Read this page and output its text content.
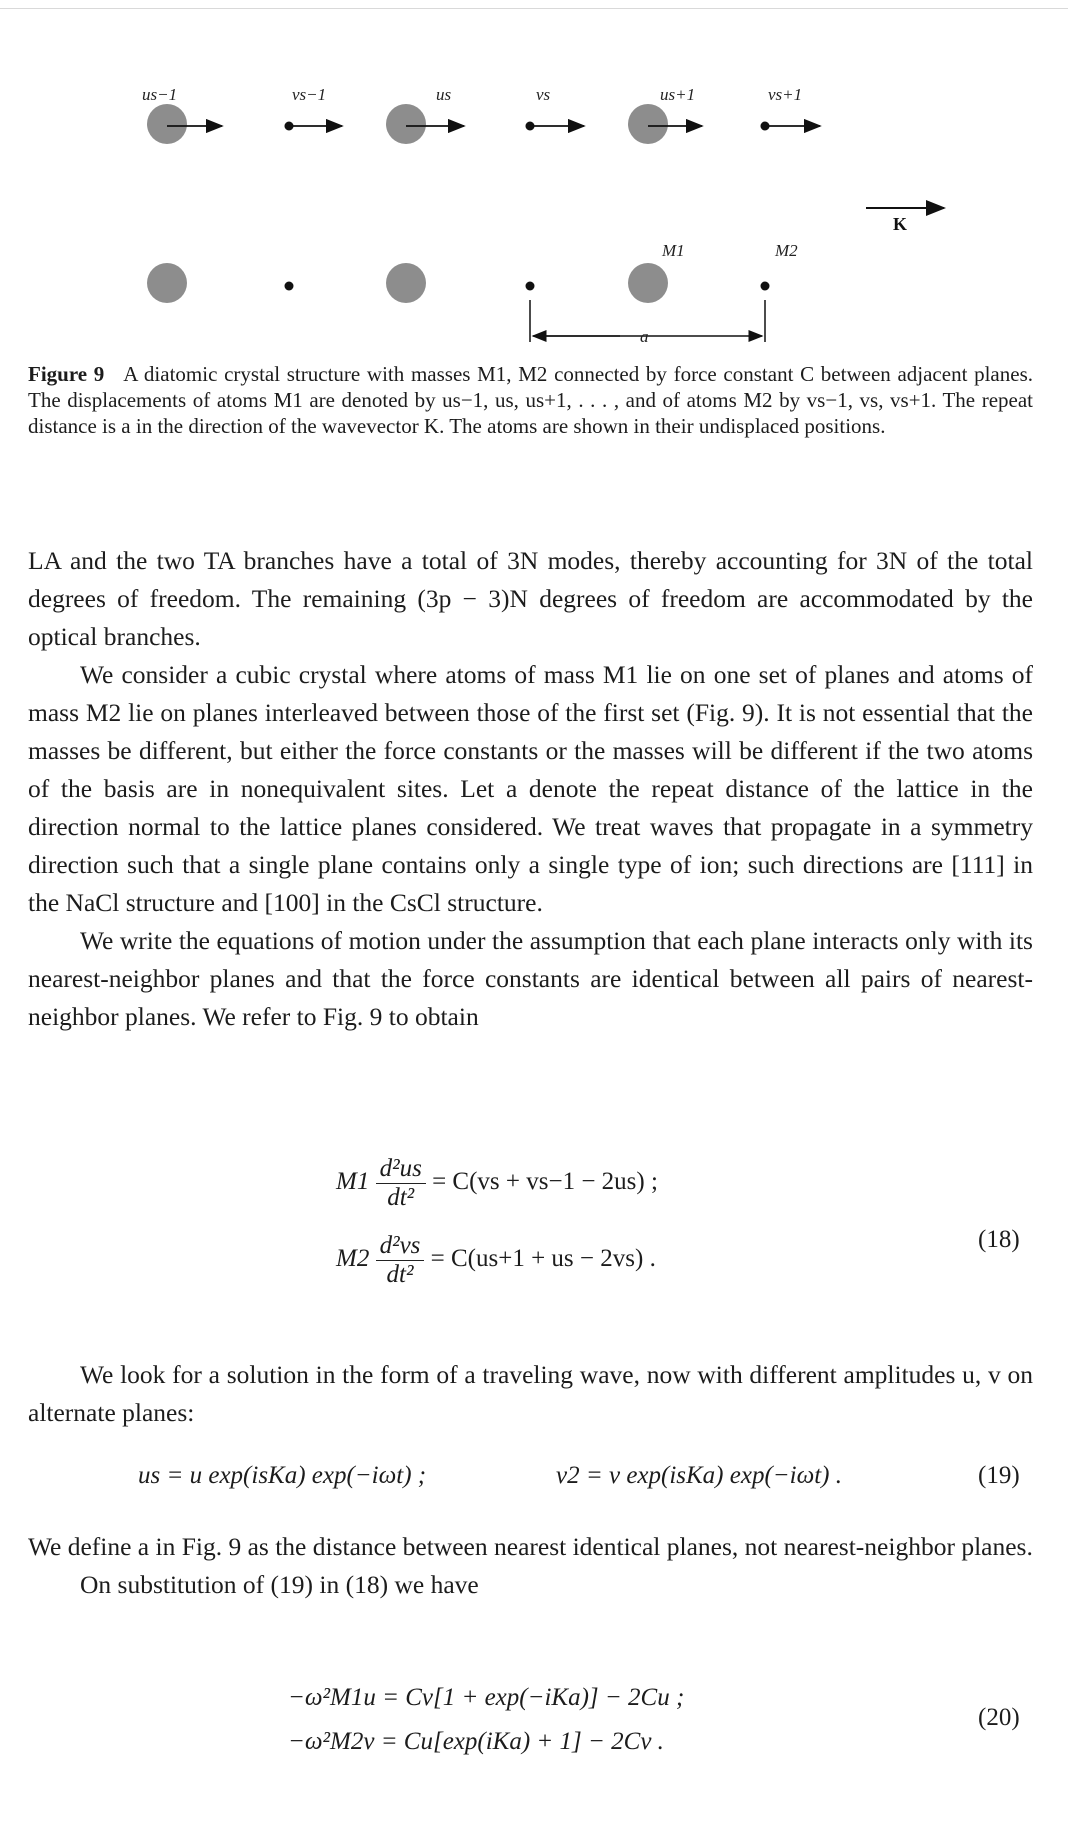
us−1	vs−1	us	vs	us+1	vs+1
K
M1	M2
a
Figure 9 A diatomic crystal structure with masses M1, M2 connected by force constant C between adjacent planes. The displacements of atoms M1 are denoted by us−1, us, us+1, . . . , and of atoms M2 by vs−1, vs, vs+1. The repeat distance is a in the direction of the wavevector K. The atoms are shown in their undisplaced positions.

LA and the two TA branches have a total of 3N modes, thereby accounting for 3N of the total degrees of freedom. The remaining (3p − 3)N degrees of freedom are accommodated by the optical branches.

We consider a cubic crystal where atoms of mass M1 lie on one set of planes and atoms of mass M2 lie on planes interleaved between those of the first set (Fig. 9). It is not essential that the masses be different, but either the force constants or the masses will be different if the two atoms of the basis are in nonequivalent sites. Let a denote the repeat distance of the lattice in the direction normal to the lattice planes considered. We treat waves that propagate in a symmetry direction such that a single plane contains only a single type of ion; such directions are [111] in the NaCl structure and [100] in the CsCl structure.

We write the equations of motion under the assumption that each plane interacts only with its nearest-neighbor planes and that the force constants are identical between all pairs of nearest-neighbor planes. We refer to Fig. 9 to obtain

$M1 \frac{\text{d²us}}{\text{dt²}} = C(vs + vs-1 - 2us)$ ;
$M2 \frac{\text{d²vs}}{\text{dt²}} = C(us+1$ + us − 2vs) .
(18)

We look for a solution in the form of a traveling wave, now with different amplitudes u, v on alternate planes:

us = u exp(isKa) exp(−iωt) ;	v2 = v exp(isKa) exp(−iωt) .	(19)

We define a in Fig. 9 as the distance between nearest identical planes, not nearest-neighbor planes.

On substitution of (19) in (18) we have

−ω²M1u = Cv[1 + exp(−iKa)] − 2Cu ;
−ω²M2v = Cu[exp(iKa) + 1] − 2Cv .
(20)
